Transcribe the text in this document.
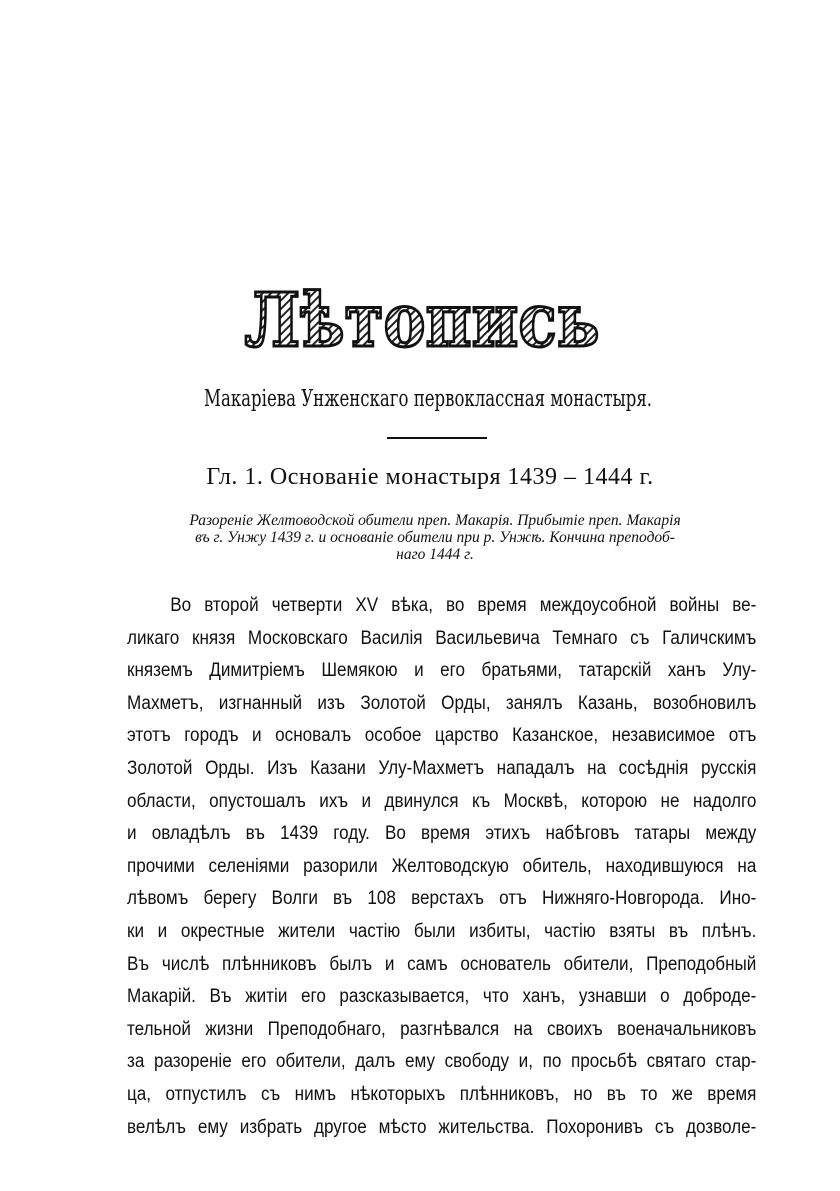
Лѣтопись
Макаріева Унженскаго первоклассная монастыря.
Гл. 1. Основаніе монастыря 1439 – 1444 г.
Разореніе Желтоводской обители преп. Макарія. Прибытіе преп. Макарія
въ г. Унжу 1439 г. и основаніе обители при р. Унжѣ. Кончина преподоб-
наго 1444 г.
Во второй четверти XV вѣка, во время междоусобной войны ве-
ликаго князя Московскаго Василія Васильевича Темнаго съ Галичскимъ
княземъ Димитріемъ Шемякою и его братьями, татарскій ханъ Улу-
Махметъ, изгнанный изъ Золотой Орды, занялъ Казань, возобновилъ
этотъ городъ и основалъ особое царство Казанское, независимое отъ
Золотой Орды. Изъ Казани Улу-Махметъ нападалъ на сосѣднія русскія
области, опустошалъ ихъ и двинулся къ Москвѣ, которою не надолго
и овладѣлъ въ 1439 году. Во время этихъ набѣговъ татары между
прочими селеніями разорили Желтоводскую обитель, находившуюся на
лѣвомъ берегу Волги въ 108 верстахъ отъ Нижняго-Новгорода. Ино-
ки и окрестные жители частію были избиты, частію взяты въ плѣнъ.
Въ числѣ плѣнниковъ былъ и самъ основатель обители, Преподобный
Макарій. Въ житіи его разсказывается, что ханъ, узнавши о доброде-
тельной жизни Преподобнаго, разгнѣвался на своихъ военачальниковъ
за разореніе его обители, далъ ему свободу и, по просьбѣ святаго стар-
ца, отпустилъ съ нимъ нѣкоторыхъ плѣнниковъ, но въ то же время
велѣлъ ему избрать другое мѣсто жительства. Похоронивъ съ дозволе-
